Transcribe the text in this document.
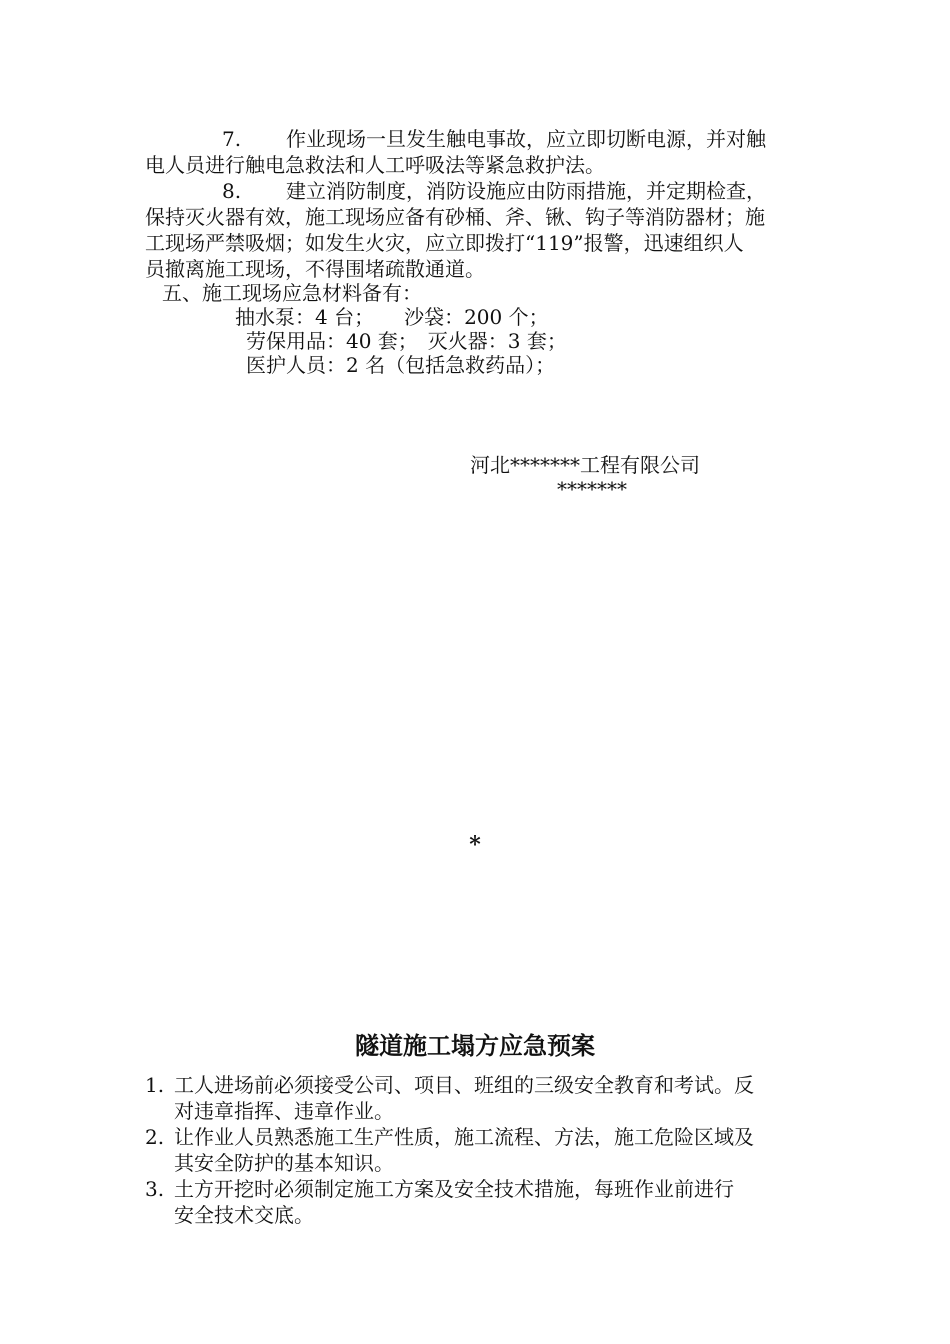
7. 作业现场一旦发生触电事故，应立即切断电源，并对触
电人员进行触电急救法和人工呼吸法等紧急救护法。
8. 建立消防制度，消防设施应由防雨措施，并定期检查，
保持灭火器有效，施工现场应备有砂桶、斧、锹、钩子等消防器材；施
工现场严禁吸烟；如发生火灾，应立即拨打“119”报警，迅速组织人
员撤离施工现场，不得围堵疏散通道。
五、施工现场应急材料备有：
抽水泵：4 台；　　沙袋：200 个；
劳保用品：40 套；　灭火器：3 套；
医护人员：2 名（包括急救药品）；
河北*******工程有限公司
*******
*
隧道施工塌方应急预案
1. 工人进场前必须接受公司、项目、班组的三级安全教育和考试。反
对违章指挥、违章作业。
2. 让作业人员熟悉施工生产性质，施工流程、方法，施工危险区域及
其安全防护的基本知识。
3. 土方开挖时必须制定施工方案及安全技术措施，每班作业前进行
安全技术交底。
